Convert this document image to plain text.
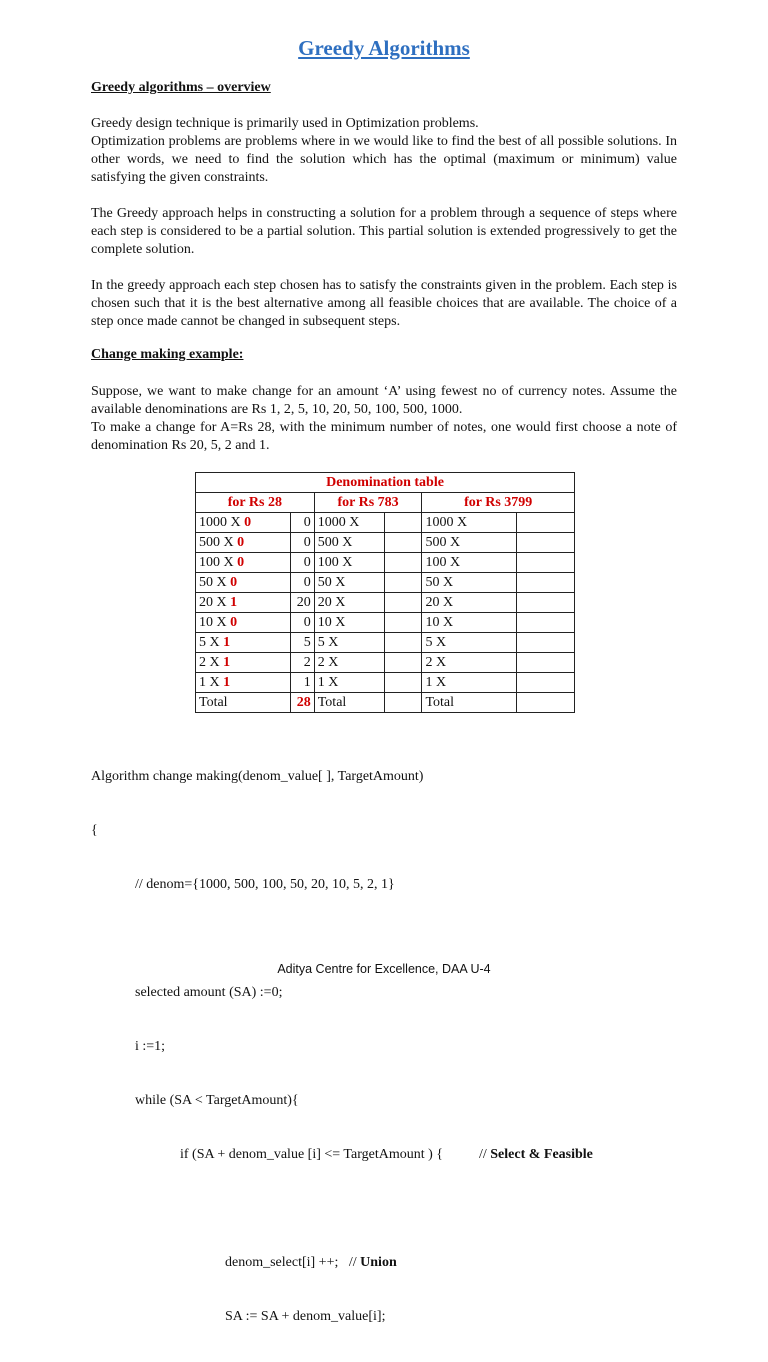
Greedy Algorithms
Greedy algorithms – overview

Greedy design technique is primarily used in Optimization problems.

Optimization problems are problems where in we would like to find the best of all possible solutions. In other words, we need to find the solution which has the optimal (maximum or minimum) value satisfying the given constraints.

The Greedy approach helps in constructing a solution for a problem through a sequence of steps where each step is considered to be a partial solution. This partial solution is extended progressively to get the complete solution.
In the greedy approach each step chosen has to satisfy the constraints given in the problem. Each step is chosen such that it is the best alternative among all feasible choices that are available. The choice of a step once made cannot be changed in subsequent steps.
Change making example:
Suppose, we want to make change for an amount ‘A’ using fewest no of currency notes. Assume the available denominations are Rs 1, 2, 5, 10, 20, 50, 100, 500, 1000.
To make a change for A=Rs 28, with the minimum number of notes, one would first choose a note of denomination Rs 20, 5, 2 and 1.
Denomination table					
for Rs 28		for Rs 783		for Rs 3799	
1000 X 0	0	1000 X		1000 X	
500 X 0	0	500 X		500 X	
100 X 0	0	100 X		100 X	
50 X 0	0	50 X		50 X	
20 X 1	20	20 X		20 X	
10 X 0	0	10 X		10 X	
5 X 1	5	5 X		5 X	
2 X 1	2	2 X		2 X	
1 X 1	1	1 X		1 X	
Total	28	Total		Total	

Algorithm change making(denom_value[ ], TargetAmount)

{

// denom={1000, 500, 100, 50, 20, 10, 5, 2, 1}

selected amount (SA) :=0;

i :=1;

while (SA < TargetAmount){

if (SA + denom_value [i] <= TargetAmount ) {	// Select & Feasible

denom_select[i] ++;   // Union

SA := SA + denom_value[i];

Aditya Centre for Excellence, DAA U-4
